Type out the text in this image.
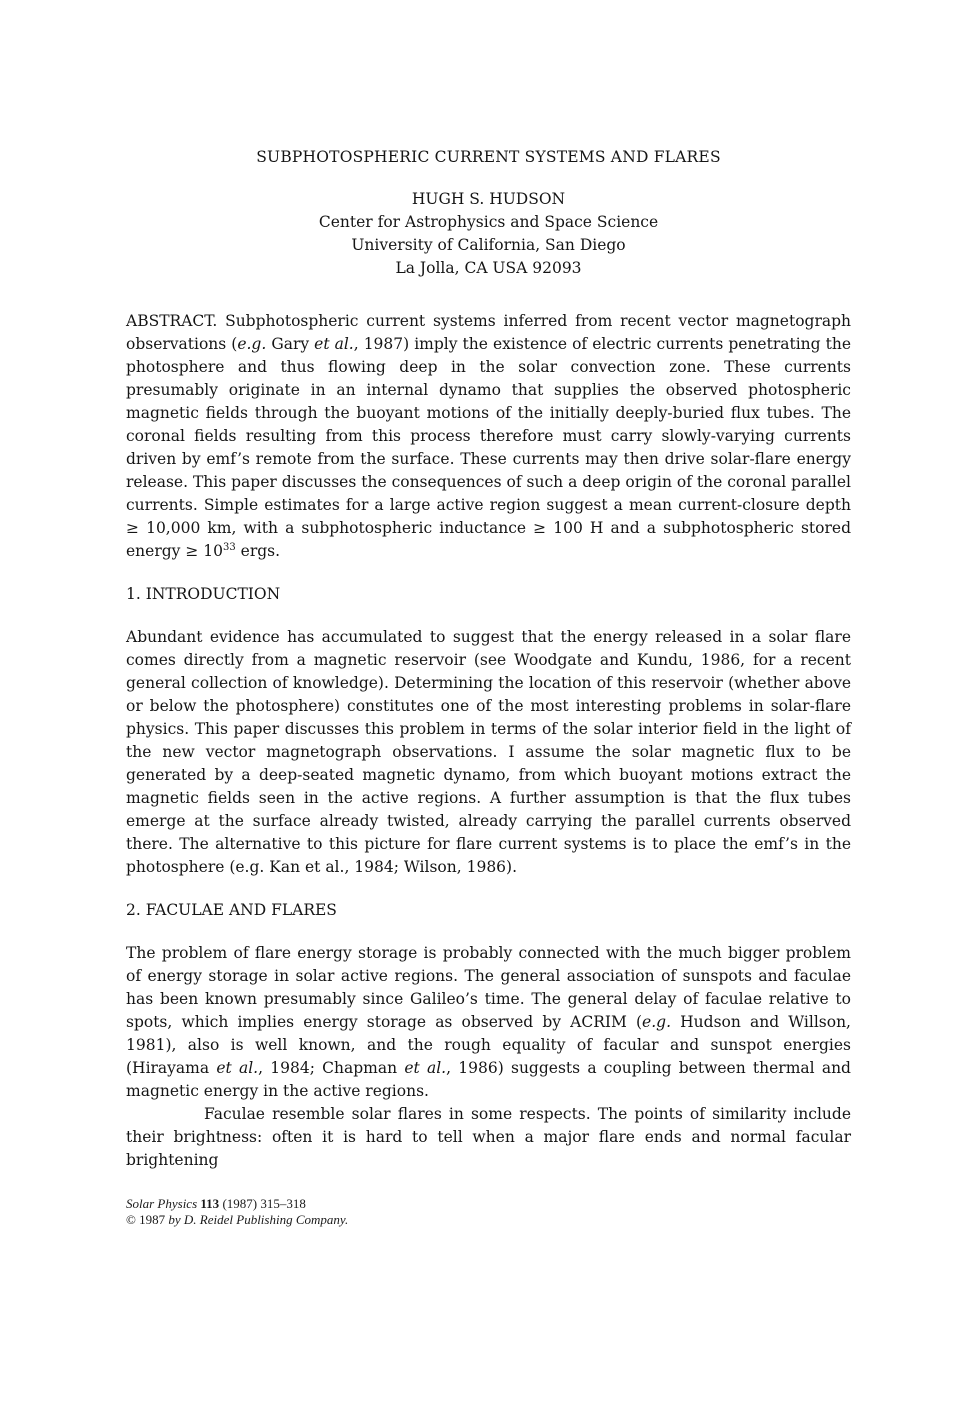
SUBPHOTOSPHERIC CURRENT SYSTEMS AND FLARES
HUGH S. HUDSON
Center for Astrophysics and Space Science
University of California, San Diego
La Jolla, CA USA 92093

ABSTRACT. Subphotospheric current systems inferred from recent vector magnetograph observations (e.g. Gary et al., 1987) imply the existence of electric currents penetrating the photosphere and thus flowing deep in the solar convection zone. These currents presumably originate in an internal dynamo that supplies the observed photospheric magnetic fields through the buoyant motions of the initially deeply-buried flux tubes. The coronal fields resulting from this process therefore must carry slowly-varying currents driven by emf’s remote from the surface. These currents may then drive solar-flare energy release. This paper discusses the consequences of such a deep origin of the coronal parallel currents. Simple estimates for a large active region suggest a mean current-closure depth ≥ 10,000 km, with a subphotospheric inductance ≥ 100 H and a subphotospheric stored energy ≥ $10^{33}$ ergs.

1. INTRODUCTION

Abundant evidence has accumulated to suggest that the energy released in a solar flare comes directly from a magnetic reservoir (see Woodgate and Kundu, 1986, for a recent general collection of knowledge). Determining the location of this reservoir (whether above or below the photosphere) constitutes one of the most interesting problems in solar-flare physics. This paper discusses this problem in terms of the solar interior field in the light of the new vector magnetograph observations. I assume the solar magnetic flux to be generated by a deep-seated magnetic dynamo, from which buoyant motions extract the magnetic fields seen in the active regions. A further assumption is that the flux tubes emerge at the surface already twisted, already carrying the parallel currents observed there. The alternative to this picture for flare current systems is to place the emf’s in the photosphere (e.g. Kan et al., 1984; Wilson, 1986).

2. FACULAE AND FLARES

The problem of flare energy storage is probably connected with the much bigger problem of energy storage in solar active regions. The general association of sunspots and faculae has been known presumably since Galileo’s time. The general delay of faculae relative to spots, which implies energy storage as observed by ACRIM (e.g. Hudson and Willson, 1981), also is well known, and the rough equality of facular and sunspot energies (Hirayama et al., 1984; Chapman et al., 1986) suggests a coupling between thermal and magnetic energy in the active regions.

Faculae resemble solar flares in some respects. The points of similarity include their brightness: often it is hard to tell when a major flare ends and normal facular brightening

Solar Physics 113 (1987) 315–318
© 1987 by D. Reidel Publishing Company.
